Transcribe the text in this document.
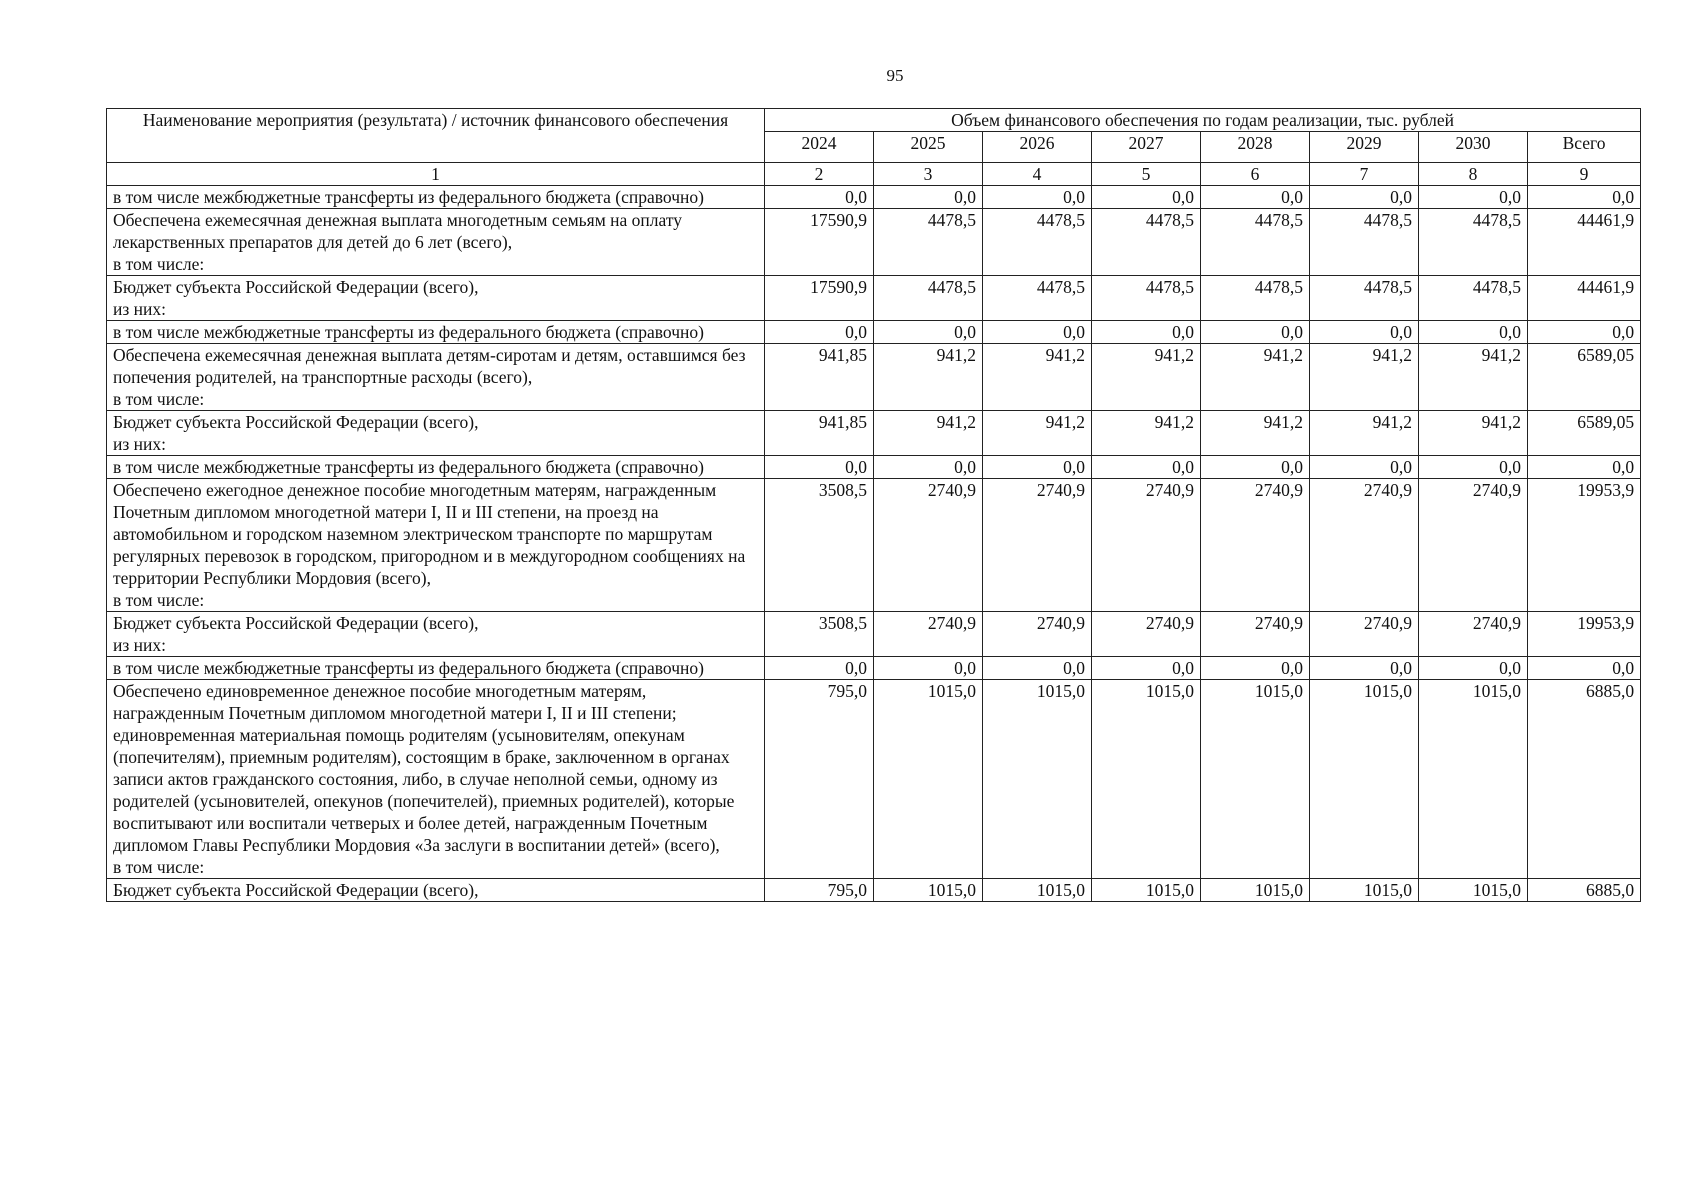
95
Наименование мероприятия (результата) / источник финансового обеспечения	Объем финансового обеспечения по годам реализации, тыс. рублей							
	2024	2025	2026	2027	2028	2029	2030	Всего
1	2	3	4	5	6	7	8	9
в том числе межбюджетные трансферты из федерального бюджета (справочно)	0,0	0,0	0,0	0,0	0,0	0,0	0,0	0,0
Обеспечена ежемесячная денежная выплата многодетным семьям на оплату лекарственных препаратов для детей до 6 лет (всего),
в том числе:	17590,9	4478,5	4478,5	4478,5	4478,5	4478,5	4478,5	44461,9
Бюджет субъекта Российской Федерации (всего),
из них:	17590,9	4478,5	4478,5	4478,5	4478,5	4478,5	4478,5	44461,9
в том числе межбюджетные трансферты из федерального бюджета (справочно)	0,0	0,0	0,0	0,0	0,0	0,0	0,0	0,0
Обеспечена ежемесячная денежная выплата детям-сиротам и детям, оставшимся без попечения родителей, на транспортные расходы (всего),
в том числе:	941,85	941,2	941,2	941,2	941,2	941,2	941,2	6589,05
Бюджет субъекта Российской Федерации (всего),
из них:	941,85	941,2	941,2	941,2	941,2	941,2	941,2	6589,05
в том числе межбюджетные трансферты из федерального бюджета (справочно)	0,0	0,0	0,0	0,0	0,0	0,0	0,0	0,0
Обеспечено ежегодное денежное пособие многодетным матерям, награжденным Почетным дипломом многодетной матери I, II и III степени, на проезд на автомобильном и городском наземном электрическом транспорте по маршрутам регулярных перевозок в городском, пригородном и в междугородном сообщениях на территории Республики Мордовия (всего),
в том числе:	3508,5	2740,9	2740,9	2740,9	2740,9	2740,9	2740,9	19953,9
Бюджет субъекта Российской Федерации (всего),
из них:	3508,5	2740,9	2740,9	2740,9	2740,9	2740,9	2740,9	19953,9
в том числе межбюджетные трансферты из федерального бюджета (справочно)	0,0	0,0	0,0	0,0	0,0	0,0	0,0	0,0
Обеспечено единовременное денежное пособие многодетным матерям, награжденным Почетным дипломом многодетной матери I, II и III степени; единовременная материальная помощь родителям (усыновителям, опекунам (попечителям), приемным родителям), состоящим в браке, заключенном в органах записи актов гражданского состояния, либо, в случае неполной семьи, одному из родителей (усыновителей, опекунов (попечителей), приемных родителей), которые воспитывают или воспитали четверых и более детей, награжденным Почетным дипломом Главы Республики Мордовия «За заслуги в воспитании детей» (всего),
в том числе:	795,0	1015,0	1015,0	1015,0	1015,0	1015,0	1015,0	6885,0
Бюджет субъекта Российской Федерации (всего),	795,0	1015,0	1015,0	1015,0	1015,0	1015,0	1015,0	6885,0
